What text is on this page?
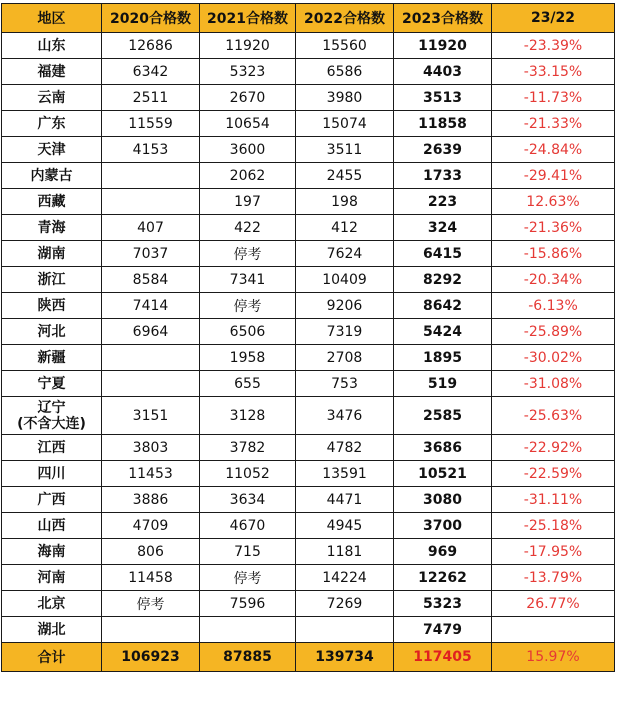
地区	2020合格数	2021合格数	2022合格数	2023合格数	23/22

山东	12686	11920	15560	11920	-23.39%

福建	6342	5323	6586	4403	-33.15%

云南	2511	2670	3980	3513	-11.73%

广东	11559	10654	15074	11858	-21.33%

天津	4153	3600	3511	2639	-24.84%

内蒙古		2062	2455	1733	-29.41%

西藏		197	198	223	12.63%

青海	407	422	412	324	-21.36%

湖南	7037	停考	7624	6415	-15.86%

浙江	8584	7341	10409	8292	-20.34%

陕西	7414	停考	9206	8642	-6.13%

河北	6964	6506	7319	5424	-25.89%

新疆		1958	2708	1895	-30.02%

宁夏		655	753	519	-31.08%

辽宁
(不含大连)	3151	3128	3476	2585	-25.63%

江西	3803	3782	4782	3686	-22.92%

四川	11453	11052	13591	10521	-22.59%

广西	3886	3634	4471	3080	-31.11%

山西	4709	4670	4945	3700	-25.18%

海南	806	715	1181	969	-17.95%

河南	11458	停考	14224	12262	-13.79%

北京	停考	7596	7269	5323	26.77%

湖北				7479	
合计	106923	87885	139734	117405	15.97%
